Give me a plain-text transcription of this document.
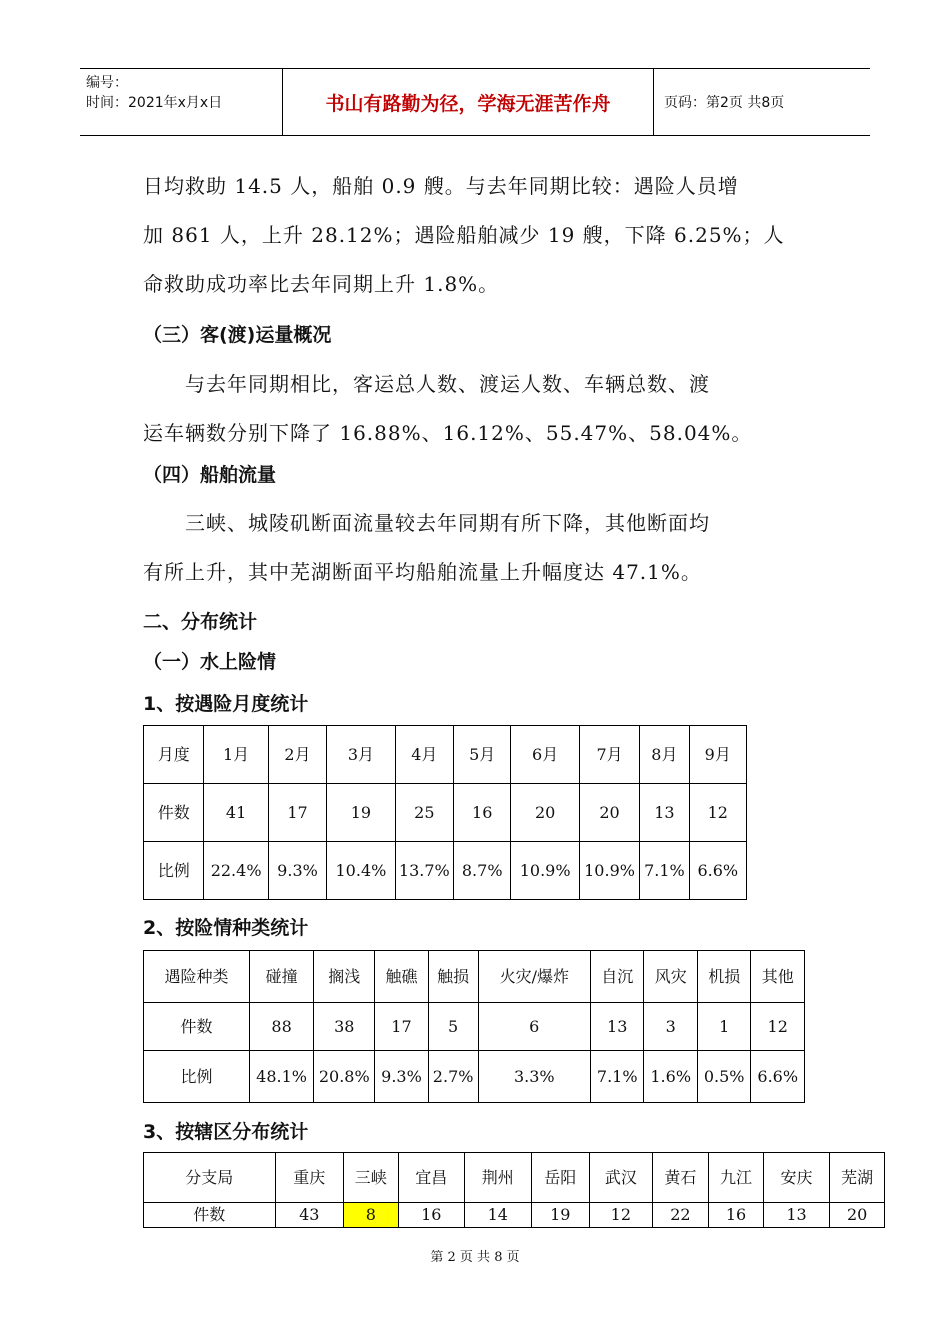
编号：
时间：2021年x月x日	书山有路勤为径，学海无涯苦作舟	页码：第2页 共8页

日均救助 14.5 人，船舶 0.9 艘。与去年同期比较：遇险人员增

加 861 人，上升 28.12%；遇险船舶减少 19 艘，下降 6.25%；人

命救助成功率比去年同期上升 1.8%。

（三）客(渡)运量概况

　　与去年同期相比，客运总人数、渡运人数、车辆总数、渡

运车辆数分别下降了 16.88%、16.12%、55.47%、58.04%。

（四）船舶流量

　　三峡、城陵矶断面流量较去年同期有所下降，其他断面均

有所上升，其中芜湖断面平均船舶流量上升幅度达 47.1%。

二、分布统计
（一）水上险情
1、按遇险月度统计
月度	1月	2月	3月	4月	5月	6月	7月	8月	9月
件数	41	17	19	25	16	20	20	13	12
比例	22.4%	9.3%	10.4%	13.7%	8.7%	10.9%	10.9%	7.1%	6.6%
2、按险情种类统计
遇险种类	碰撞	搁浅	触礁	触损	火灾/爆炸	自沉	风灾	机损	其他
件数	88	38	17	5	6	13	3	1	12
比例	48.1%	20.8%	9.3%	2.7%	3.3%	7.1%	1.6%	0.5%	6.6%
3、按辖区分布统计
分支局	重庆	三峡	宜昌	荆州	岳阳	武汉	黄石	九江	安庆	芜湖
件数	43	8	16	14	19	12	22	16	13	20
第 2 页 共 8 页
